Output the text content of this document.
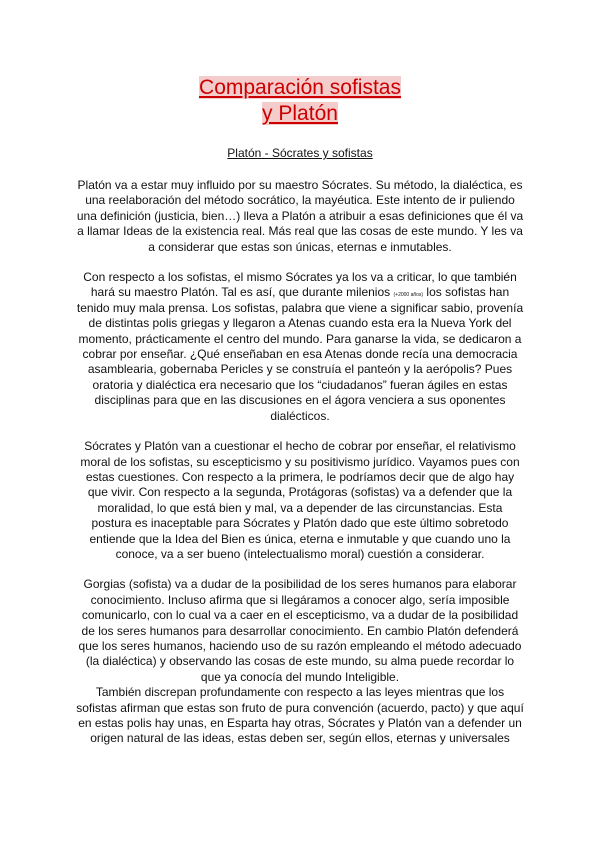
Comparación sofistas
y Platón
Platón - Sócrates y sofistas

Platón va a estar muy influido por su maestro Sócrates. Su método, la dialéctica, es una reelaboración del método socrático, la mayéutica. Este intento de ir puliendo una definición (justicia, bien…) lleva a Platón a atribuir a esas definiciones que él va a llamar Ideas de la existencia real. Más real que las cosas de este mundo. Y les va a considerar que estas son únicas, eternas e inmutables.

Con respecto a los sofistas, el mismo Sócrates ya los va a criticar, lo que también hará su maestro Platón. Tal es así, que durante milenios (+2000 años) los sofistas han tenido muy mala prensa. Los sofistas, palabra que viene a significar sabio, provenía de distintas polis griegas y llegaron a Atenas cuando esta era la Nueva York del momento, prácticamente el centro del mundo. Para ganarse la vida, se dedicaron a cobrar por enseñar. ¿Qué enseñaban en esa Atenas donde recía una democracia asamblearia, gobernaba Pericles y se construía el panteón y la aerópolis? Pues oratoria y dialéctica era necesario que los “ciudadanos” fueran ágiles en estas disciplinas para que en las discusiones en el ágora venciera a sus oponentes dialécticos.

Sócrates y Platón van a cuestionar el hecho de cobrar por enseñar, el relativismo moral de los sofistas, su escepticismo y su positivismo jurídico. Vayamos pues con estas cuestiones. Con respecto a la primera, le podríamos decir que de algo hay que vivir. Con respecto a la segunda, Protágoras (sofistas) va a defender que la moralidad, lo que está bien y mal, va a depender de las circunstancias. Esta postura es inaceptable para Sócrates y Platón dado que este último sobretodo entiende que la Idea del Bien es única, eterna e inmutable y que cuando uno la conoce, va a ser bueno (intelectualismo moral) cuestión a considerar.

Gorgias (sofista) va a dudar de la posibilidad de los seres humanos para elaborar conocimiento. Incluso afirma que si llegáramos a conocer algo, sería imposible comunicarlo, con lo cual va a caer en el escepticismo, va a dudar de la posibilidad de los seres humanos para desarrollar conocimiento. En cambio Platón defenderá que los seres humanos, haciendo uso de su razón empleando el método adecuado (la dialéctica) y observando las cosas de este mundo, su alma puede recordar lo que ya conocía del mundo Inteligible.

También discrepan profundamente con respecto a las leyes mientras que los sofistas afirman que estas son fruto de pura convención (acuerdo, pacto) y que aquí en estas polis hay unas, en Esparta hay otras, Sócrates y Platón van a defender un origen natural de las ideas, estas deben ser, según ellos, eternas y universales
